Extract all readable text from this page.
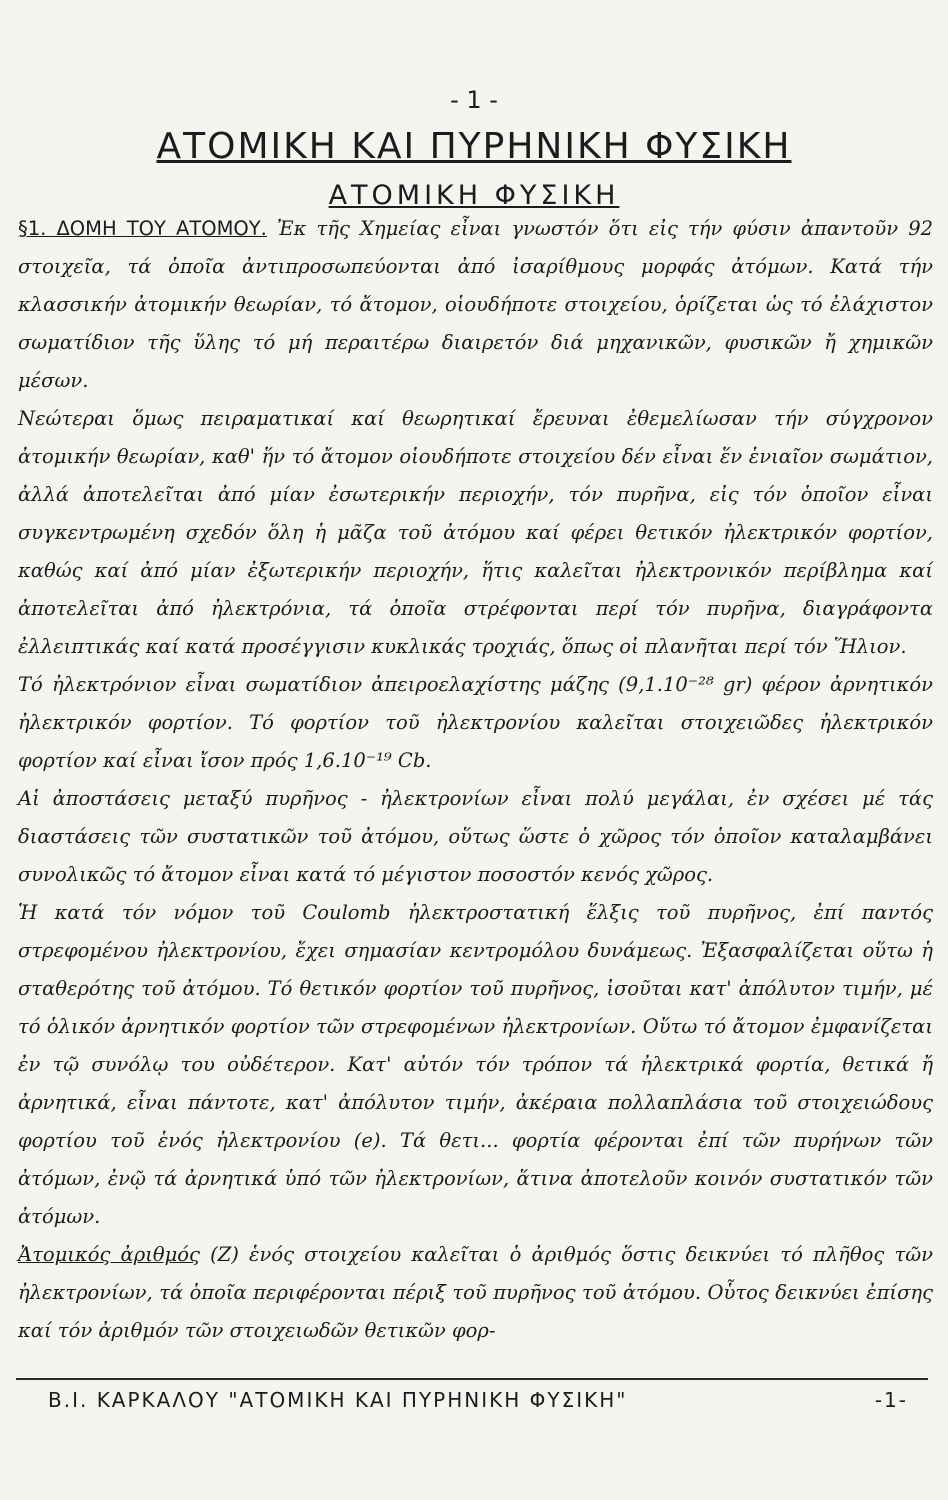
- 1 -
ΑΤΟΜΙΚΗ ΚΑΙ ΠΥΡΗΝΙΚΗ ΦΥΣΙΚΗ
ΑΤΟΜΙΚΗ ΦΥΣΙΚΗ

§1. ΔΟΜΗ ΤΟΥ ΑΤΟΜΟΥ. Ἐκ τῆς Χημείας εἶναι γνωστόν ὅτι εἰς τήν φύσιν ἀπαντοῦν 92 στοιχεῖα, τά ὁποῖα ἀντιπροσωπεύονται ἀπό ἰσαρίθμους μορφάς ἀτόμων. Κατά τήν κλασσικήν ἀτομικήν θεωρίαν, τό ἄτομον, οἱουδήποτε στοιχείου, ὁρίζεται ὡς τό ἐλάχιστον σωματίδιον τῆς ὕλης τό μή περαιτέρω διαιρετόν διά μηχανικῶν, φυσικῶν ἤ χημικῶν μέσων.

Νεώτεραι ὅμως πειραματικαί καί θεωρητικαί ἔρευναι ἐθεμελίωσαν τήν σύγχρονον ἀτομικήν θεωρίαν, καθ' ἥν τό ἄτομον οἱουδήποτε στοιχείου δέν εἶναι ἕν ἑνιαῖον σωμάτιον, ἀλλά ἀποτελεῖται ἀπό μίαν ἐσωτερικήν περιοχήν, τόν πυρῆνα, εἰς τόν ὁποῖον εἶναι συγκεντρωμένη σχεδόν ὅλη ἡ μᾶζα τοῦ ἀτόμου καί φέρει θετικόν ἠλεκτρικόν φορτίον, καθώς καί ἀπό μίαν ἐξωτερικήν περιοχήν, ἥτις καλεῖται ἠλεκτρονικόν περίβλημα καί ἀποτελεῖται ἀπό ἠλεκτρόνια, τά ὁποῖα στρέφονται περί τόν πυρῆνα, διαγράφοντα ἐλλειπτικάς καί κατά προσέγγισιν κυκλικάς τροχιάς, ὅπως οἱ πλανῆται περί τόν Ἥλιον.

Τό ἠλεκτρόνιον εἶναι σωματίδιον ἀπειροελαχίστης μάζης (9,1.10⁻²⁸ gr) φέρον ἀρνητικόν ἠλεκτρικόν φορτίον. Τό φορτίον τοῦ ἠλεκτρονίου καλεῖται στοιχειῶδες ἠλεκτρικόν φορτίον καί εἶναι ἴσον πρός 1,6.10⁻¹⁹ Cb.

Αἱ ἀποστάσεις μεταξύ πυρῆνος - ἠλεκτρονίων εἶναι πολύ μεγάλαι, ἐν σχέσει μέ τάς διαστάσεις τῶν συστατικῶν τοῦ ἀτόμου, οὕτως ὥστε ὁ χῶρος τόν ὁποῖον καταλαμβάνει συνολικῶς τό ἄτομον εἶναι κατά τό μέγιστον ποσοστόν κενός χῶρος.

Ἡ κατά τόν νόμον τοῦ Coulomb ἠλεκτροστατική ἕλξις τοῦ πυρῆνος, ἐπί παντός στρεφομένου ἠλεκτρονίου, ἔχει σημασίαν κεντρομόλου δυνάμεως. Ἐξασφαλίζεται οὕτω ἡ σταθερότης τοῦ ἀτόμου. Τό θετικόν φορτίον τοῦ πυρῆνος, ἰσοῦται κατ' ἀπόλυτον τιμήν, μέ τό ὁλικόν ἀρνητικόν φορτίον τῶν στρεφομένων ἠλεκτρονίων. Οὕτω τό ἄτομον ἐμφανίζεται ἐν τῷ συνόλῳ του οὐδέτερον. Κατ' αὐτόν τόν τρόπον τά ἠλεκτρικά φορτία, θετικά ἤ ἀρνητικά, εἶναι πάντοτε, κατ' ἀπόλυτον τιμήν, ἀκέραια πολλαπλάσια τοῦ στοιχειώδους φορτίου τοῦ ἑνός ἠλεκτρονίου (e). Τά θετι... φορτία φέρονται ἐπί τῶν πυρήνων τῶν ἀτόμων, ἐνῷ τά ἀρνητικά ὑπό τῶν ἠλεκτρονίων, ἅτινα ἀποτελοῦν κοινόν συστατικόν τῶν ἀτόμων.

Ἀτομικός ἀριθμός (Z) ἑνός στοιχείου καλεῖται ὁ ἀριθμός ὅστις δεικνύει τό πλῆθος τῶν ἠλεκτρονίων, τά ὁποῖα περιφέρονται πέριξ τοῦ πυρῆνος τοῦ ἀτόμου. Οὗτος δεικνύει ἐπίσης καί τόν ἀριθμόν τῶν στοιχειωδῶν θετικῶν φορ-

Β.Ι. ΚΑΡΚΑΛΟΥ "ΑΤΟΜΙΚΗ ΚΑΙ ΠΥΡΗΝΙΚΗ ΦΥΣΙΚΗ"	-1-
